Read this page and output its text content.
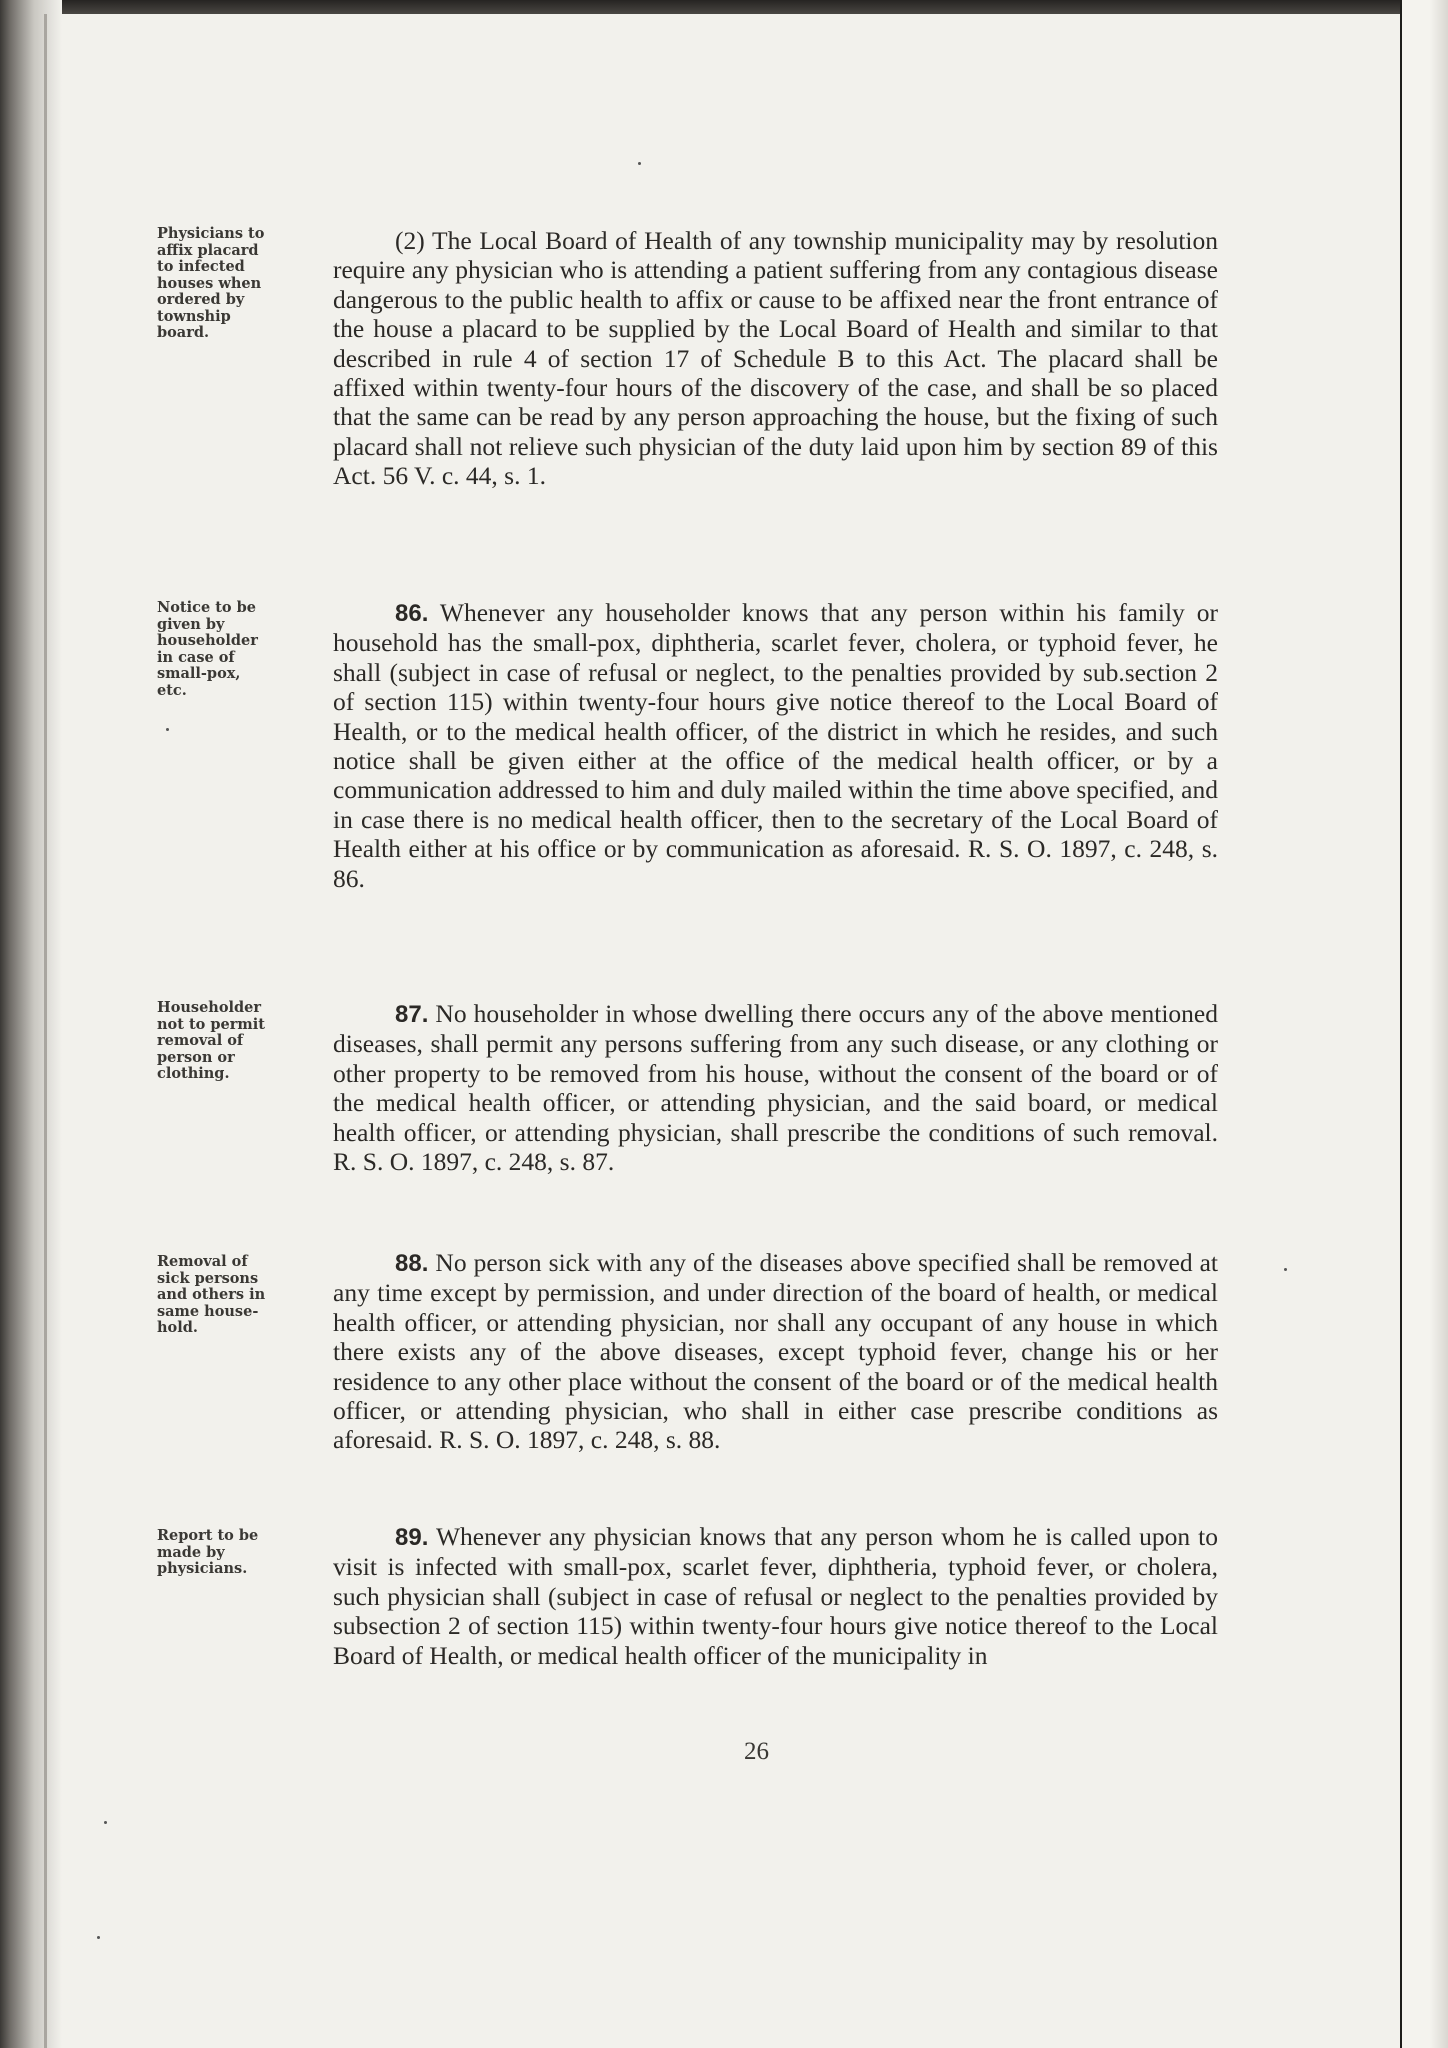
Physicians to
affix placard
to infected
houses when
ordered by
township
board.
(2) The Local Board of Health of any township municipality may by resolution require any physician who is attending a patient suffering from any contagious disease dangerous to the public health to affix or cause to be affixed near the front entrance of the house a placard to be supplied by the Local Board of Health and similar to that described in rule 4 of section 17 of Schedule B to this Act. The placard shall be affixed within twenty-four hours of the discovery of the case, and shall be so placed that the same can be read by any person approaching the house, but the fixing of such placard shall not relieve such physician of the duty laid upon him by section 89 of this Act. 56 V. c. 44, s. 1.
Notice to be
given by
householder
in case of
small-pox,
etc.
86. Whenever any householder knows that any person within his family or household has the small-pox, diphtheria, scarlet fever, cholera, or typhoid fever, he shall (subject in case of refusal or neglect, to the penalties provided by sub.section 2 of section 115) within twenty-four hours give notice thereof to the Local Board of Health, or to the medical health officer, of the district in which he resides, and such notice shall be given either at the office of the medical health officer, or by a communication addressed to him and duly mailed within the time above specified, and in case there is no medical health officer, then to the secretary of the Local Board of Health either at his office or by communication as aforesaid. R. S. O. 1897, c. 248, s. 86.
Householder
not to permit
removal of
person or
clothing.
87. No householder in whose dwelling there occurs any of the above mentioned diseases, shall permit any persons suffering from any such disease, or any clothing or other property to be removed from his house, without the consent of the board or of the medical health officer, or attending physician, and the said board, or medical health officer, or attending physician, shall prescribe the conditions of such removal. R. S. O. 1897, c. 248, s. 87.
Removal of
sick persons
and others in
same house-
hold.
88. No person sick with any of the diseases above specified shall be removed at any time except by permission, and under direction of the board of health, or medical health officer, or attending physician, nor shall any occupant of any house in which there exists any of the above diseases, except typhoid fever, change his or her residence to any other place without the consent of the board or of the medical health officer, or attending physician, who shall in either case prescribe conditions as aforesaid. R. S. O. 1897, c. 248, s. 88.
Report to be
made by
physicians.
89. Whenever any physician knows that any person whom he is called upon to visit is infected with small-pox, scarlet fever, diphtheria, typhoid fever, or cholera, such physician shall (subject in case of refusal or neglect to the penalties provided by subsection 2 of section 115) within twenty-four hours give notice thereof to the Local Board of Health, or medical health officer of the municipality in
26
